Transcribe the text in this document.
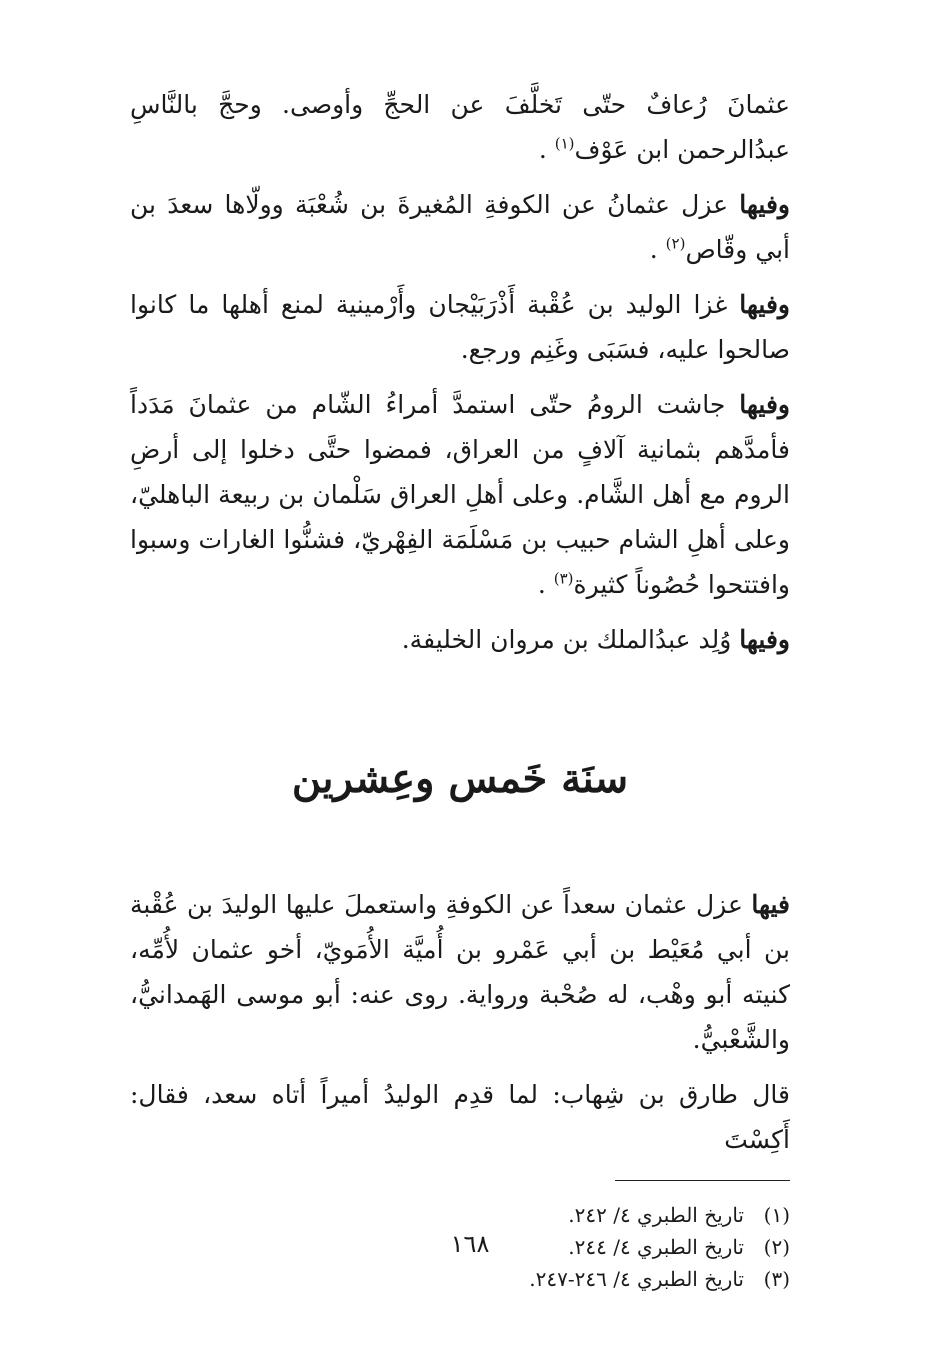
عثمانَ رُعافٌ حتّى تَخلَّفَ عن الحجِّ وأوصى. وحجَّ بالنَّاسِ عبدُالرحمن ابن عَوْف$^{(١)}$ .

وفيها عزل عثمانُ عن الكوفةِ المُغيرةَ بن شُعْبَة وولّاها سعدَ بن أبي وقّاص$^{(٢)}$ .

وفيها غزا الوليد بن عُقْبة أَذْرَبَيْجان وأَرْمينية لمنع أهلها ما كانوا صالحوا عليه، فسَبَى وغَنِم ورجع.

وفيها جاشت الرومُ حتّى استمدَّ أمراءُ الشّام من عثمانَ مَدَداً فأمدَّهم بثمانية آلافٍ من العراق، فمضوا حتَّى دخلوا إلى أرضِ الروم مع أهل الشَّام. وعلى أهلِ العراق سَلْمان بن ربيعة الباهليّ، وعلى أهلِ الشام حبيب بن مَسْلَمَة الفِهْريّ، فشنُّوا الغارات وسبوا وافتتحوا حُصُوناً كثيرة$^{(٣)}$ .

وفيها وُلِد عبدُالملك بن مروان الخليفة.

سنَة خَمس وعِشرين

فيها عزل عثمان سعداً عن الكوفةِ واستعملَ عليها الوليدَ بن عُقْبة بن أبي مُعَيْط بن أبي عَمْرو بن أُميَّة الأُمَويّ، أخو عثمان لأُمِّه، كنيته أبو وهْب، له صُحْبة ورواية. روى عنه: أبو موسى الهَمدانيُّ، والشَّعْبيُّ.

قال طارق بن شِهاب: لما قدِم الوليدُ أميراً أتاه سعد، فقال: أَكِسْتَ

(١)
تاريخ الطبري ٤/ ٢٤٢.
(٢)
تاريخ الطبري ٤/ ٢٤٤.
(٣)
تاريخ الطبري ٤/ ٢٤٦-٢٤٧.
١٦٨
